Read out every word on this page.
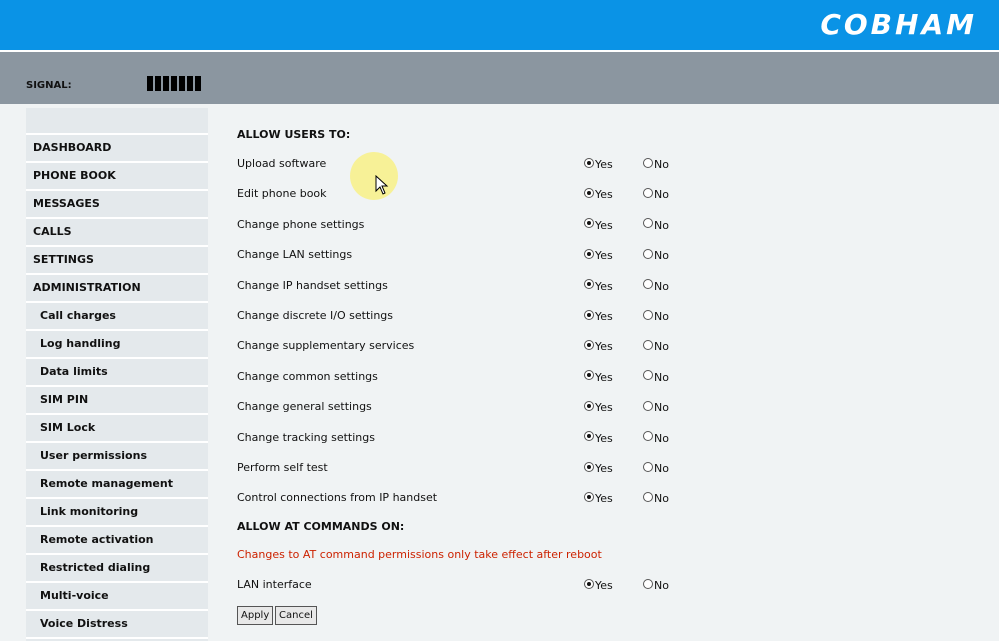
COBHAM
SIGNAL:
DASHBOARD
PHONE BOOK
MESSAGES
CALLS
SETTINGS
ADMINISTRATION
Call charges
Log handling
Data limits
SIM PIN
SIM Lock
User permissions
Remote management
Link monitoring
Remote activation
Restricted dialing
Multi-voice
Voice Distress
ALLOW USERS TO:
Upload software	Yes	No
Edit phone book	Yes	No
Change phone settings	Yes	No
Change LAN settings	Yes	No
Change IP handset settings	Yes	No
Change discrete I/O settings	Yes	No
Change supplementary services	Yes	No
Change common settings	Yes	No
Change general settings	Yes	No
Change tracking settings	Yes	No
Perform self test	Yes	No
Control connections from IP handset	Yes	No
ALLOW AT COMMANDS ON:
Changes to AT command permissions only take effect after reboot
LAN interface	Yes	No
Apply Cancel
